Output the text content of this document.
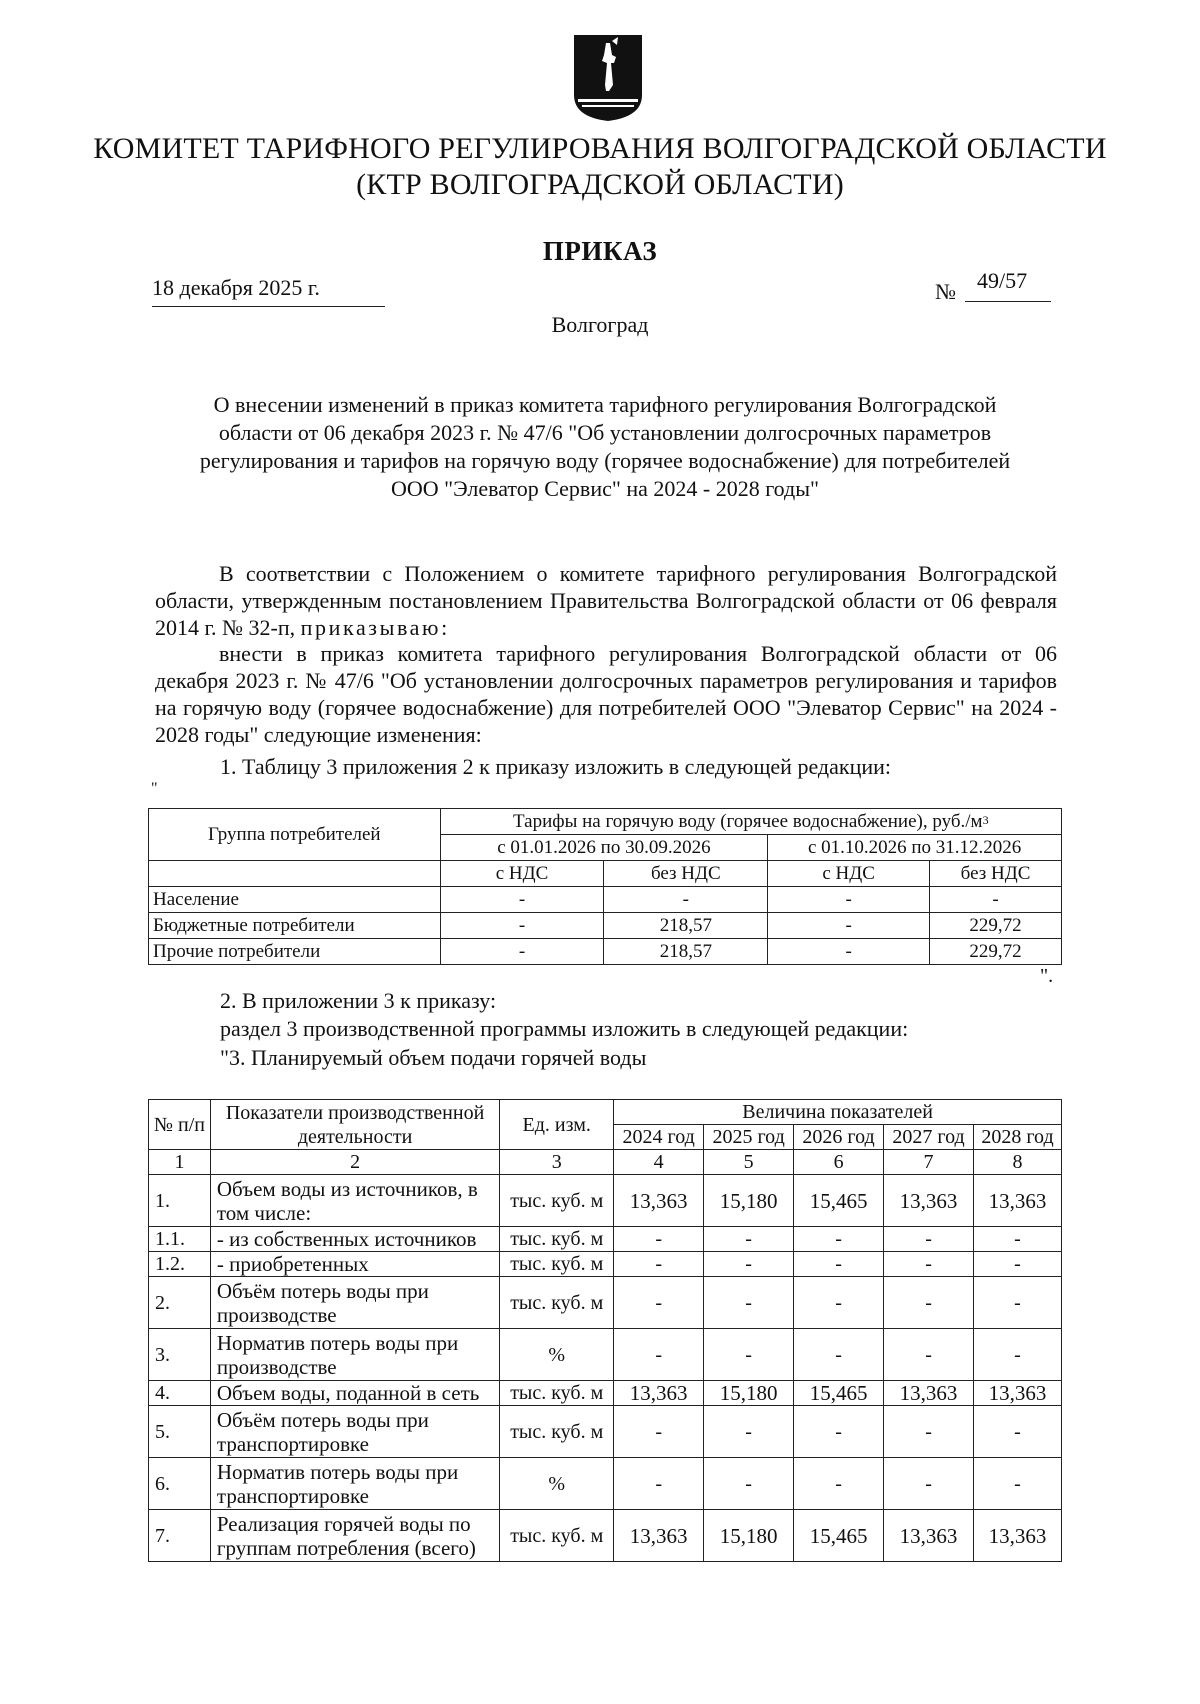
КОМИТЕТ ТАРИФНОГО РЕГУЛИРОВАНИЯ ВОЛГОГРАДСКОЙ ОБЛАСТИ
(КТР ВОЛГОГРАДСКОЙ ОБЛАСТИ)
ПРИКАЗ
18 декабря 2025 г.	№ 49/57
Волгоград
О внесении изменений в приказ комитета тарифного регулирования Волгоградской
области от 06 декабря 2023 г. № 47/6 "Об установлении долгосрочных параметров
регулирования и тарифов на горячую воду (горячее водоснабжение) для потребителей
ООО "Элеватор Сервис" на 2024 - 2028 годы"
В соответствии с Положением о комитете тарифного регулирования Волгоградской области, утвержденным постановлением Правительства Волгоградской области от 06 февраля 2014 г. № 32-п, приказываю:
внести в приказ комитета тарифного регулирования Волгоградской области от 06 декабря 2023 г. № 47/6 "Об установлении долгосрочных параметров регулирования и тарифов на горячую воду (горячее водоснабжение) для потребителей ООО "Элеватор Сервис" на 2024 - 2028 годы" следующие изменения:
1. Таблицу 3 приложения 2 к приказу изложить в следующей редакции:
"
Группа потребителей	Тарифы на горячую воду (горячее водоснабжение), $руб./м^3$
	с 01.01.2026 по 30.09.2026		с 01.10.2026 по 31.12.2026	
	с НДС	без НДС	с НДС	без НДС
Население	-	-	-	-
Бюджетные потребители	-	218,57	-	229,72
Прочие потребители	-	218,57	-	229,72
".
2. В приложении 3 к приказу:
раздел 3 производственной программы изложить в следующей редакции:
"3. Планируемый объем подачи горячей воды
№ п/п	Показатели производственной деятельности	Ед. изм.	Величина показателей				
			2024 год	2025 год	2026 год	2027 год	2028 год
1	2	3	4	5	6	7	8
1.	Объем воды из источников, в том числе:	тыс. куб. м	13,363	15,180	15,465	13,363	13,363
1.1.	- из собственных источников	тыс. куб. м	-	-	-	-	-
1.2.	- приобретенных	тыс. куб. м	-	-	-	-	-
2.	Объём потерь воды при производстве	тыс. куб. м	-	-	-	-	-
3.	Норматив потерь воды при производстве	%	-	-	-	-	-
4.	Объем воды, поданной в сеть	тыс. куб. м	13,363	15,180	15,465	13,363	13,363
5.	Объём потерь воды при транспортировке	тыс. куб. м	-	-	-	-	-
6.	Норматив потерь воды при транспортировке	%	-	-	-	-	-
7.	Реализация горячей воды по группам потребления (всего)	тыс. куб. м	13,363	15,180	15,465	13,363	13,363
